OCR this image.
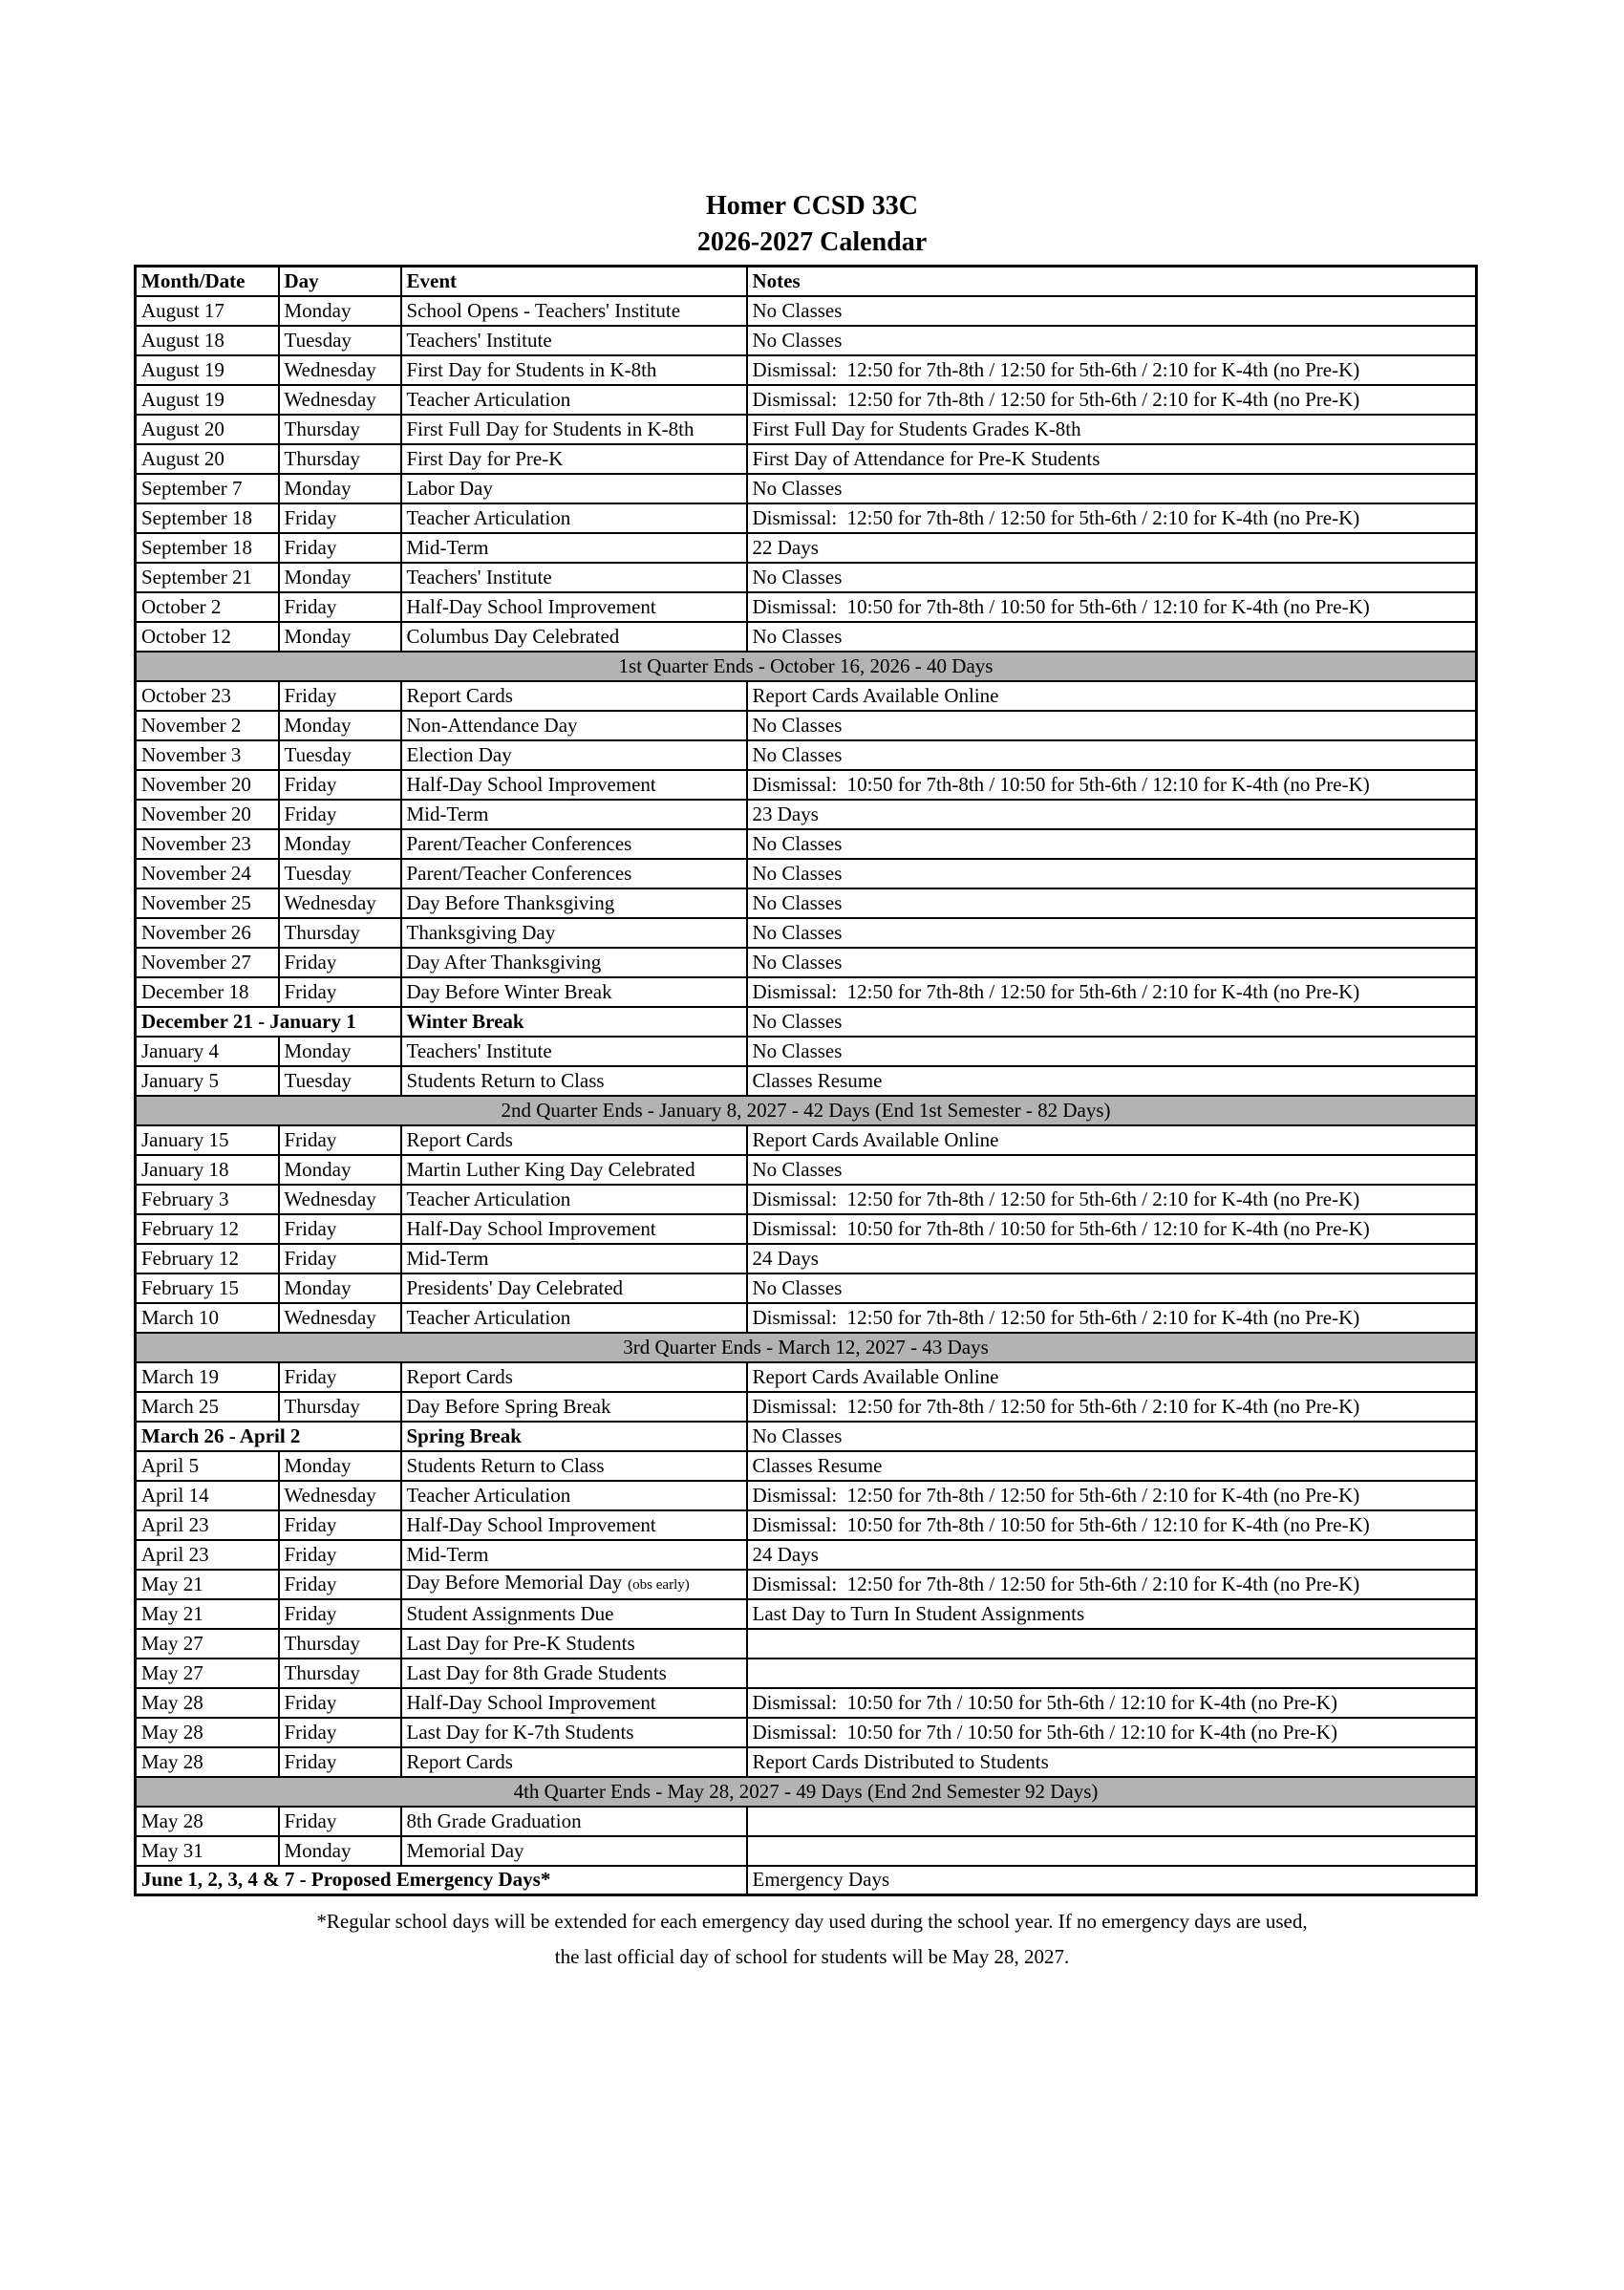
Homer CCSD 33C
2026-2027 Calendar
Month/Date	Day	Event	Notes
August 17	Monday	School Opens - Teachers' Institute	No Classes
August 18	Tuesday	Teachers' Institute	No Classes
August 19	Wednesday	First Day for Students in K-8th	Dismissal:  12:50 for 7th-8th / 12:50 for 5th-6th / 2:10 for K-4th (no Pre-K)
August 19	Wednesday	Teacher Articulation	Dismissal:  12:50 for 7th-8th / 12:50 for 5th-6th / 2:10 for K-4th (no Pre-K)
August 20	Thursday	First Full Day for Students in K-8th	First Full Day for Students Grades K-8th
August 20	Thursday	First Day for Pre-K	First Day of Attendance for Pre-K Students
September 7	Monday	Labor Day	No Classes
September 18	Friday	Teacher Articulation	Dismissal:  12:50 for 7th-8th / 12:50 for 5th-6th / 2:10 for K-4th (no Pre-K)
September 18	Friday	Mid-Term	22 Days
September 21	Monday	Teachers' Institute	No Classes
October 2	Friday	Half-Day School Improvement	Dismissal:  10:50 for 7th-8th / 10:50 for 5th-6th / 12:10 for K-4th (no Pre-K)
October 12	Monday	Columbus Day Celebrated	No Classes
1st Quarter Ends - October 16, 2026 - 40 Days			
October 23	Friday	Report Cards	Report Cards Available Online
November 2	Monday	Non-Attendance Day	No Classes
November 3	Tuesday	Election Day	No Classes
November 20	Friday	Half-Day School Improvement	Dismissal:  10:50 for 7th-8th / 10:50 for 5th-6th / 12:10 for K-4th (no Pre-K)
November 20	Friday	Mid-Term	23 Days
November 23	Monday	Parent/Teacher Conferences	No Classes
November 24	Tuesday	Parent/Teacher Conferences	No Classes
November 25	Wednesday	Day Before Thanksgiving	No Classes
November 26	Thursday	Thanksgiving Day	No Classes
November 27	Friday	Day After Thanksgiving	No Classes
December 18	Friday	Day Before Winter Break	Dismissal:  12:50 for 7th-8th / 12:50 for 5th-6th / 2:10 for K-4th (no Pre-K)
December 21 - January 1		Winter Break	No Classes
January 4	Monday	Teachers' Institute	No Classes
January 5	Tuesday	Students Return to Class	Classes Resume
2nd Quarter Ends - January 8, 2027 - 42 Days (End 1st Semester - 82 Days)			
January 15	Friday	Report Cards	Report Cards Available Online
January 18	Monday	Martin Luther King Day Celebrated	No Classes
February 3	Wednesday	Teacher Articulation	Dismissal:  12:50 for 7th-8th / 12:50 for 5th-6th / 2:10 for K-4th (no Pre-K)
February 12	Friday	Half-Day School Improvement	Dismissal:  10:50 for 7th-8th / 10:50 for 5th-6th / 12:10 for K-4th (no Pre-K)
February 12	Friday	Mid-Term	24 Days
February 15	Monday	Presidents' Day Celebrated	No Classes
March 10	Wednesday	Teacher Articulation	Dismissal:  12:50 for 7th-8th / 12:50 for 5th-6th / 2:10 for K-4th (no Pre-K)
3rd Quarter Ends - March 12, 2027 - 43 Days			
March 19	Friday	Report Cards	Report Cards Available Online
March 25	Thursday	Day Before Spring Break	Dismissal:  12:50 for 7th-8th / 12:50 for 5th-6th / 2:10 for K-4th (no Pre-K)
March 26 - April 2		Spring Break	No Classes
April 5	Monday	Students Return to Class	Classes Resume
April 14	Wednesday	Teacher Articulation	Dismissal:  12:50 for 7th-8th / 12:50 for 5th-6th / 2:10 for K-4th (no Pre-K)
April 23	Friday	Half-Day School Improvement	Dismissal:  10:50 for 7th-8th / 10:50 for 5th-6th / 12:10 for K-4th (no Pre-K)
April 23	Friday	Mid-Term	24 Days
May 21	Friday	Day Before Memorial Day (obs early)	Dismissal:  12:50 for 7th-8th / 12:50 for 5th-6th / 2:10 for K-4th (no Pre-K)
May 21	Friday	Student Assignments Due	Last Day to Turn In Student Assignments
May 27	Thursday	Last Day for Pre-K Students	
May 27	Thursday	Last Day for 8th Grade Students	
May 28	Friday	Half-Day School Improvement	Dismissal:  10:50 for 7th / 10:50 for 5th-6th / 12:10 for K-4th (no Pre-K)
May 28	Friday	Last Day for K-7th Students	Dismissal:  10:50 for 7th / 10:50 for 5th-6th / 12:10 for K-4th (no Pre-K)
May 28	Friday	Report Cards	Report Cards Distributed to Students
4th Quarter Ends - May 28, 2027 - 49 Days (End 2nd Semester 92 Days)			
May 28	Friday	8th Grade Graduation	
May 31	Monday	Memorial Day	
June 1, 2, 3, 4 & 7 - Proposed Emergency Days*			Emergency Days
*Regular school days will be extended for each emergency day used during the school year. If no emergency days are used,
the last official day of school for students will be May 28, 2027.
